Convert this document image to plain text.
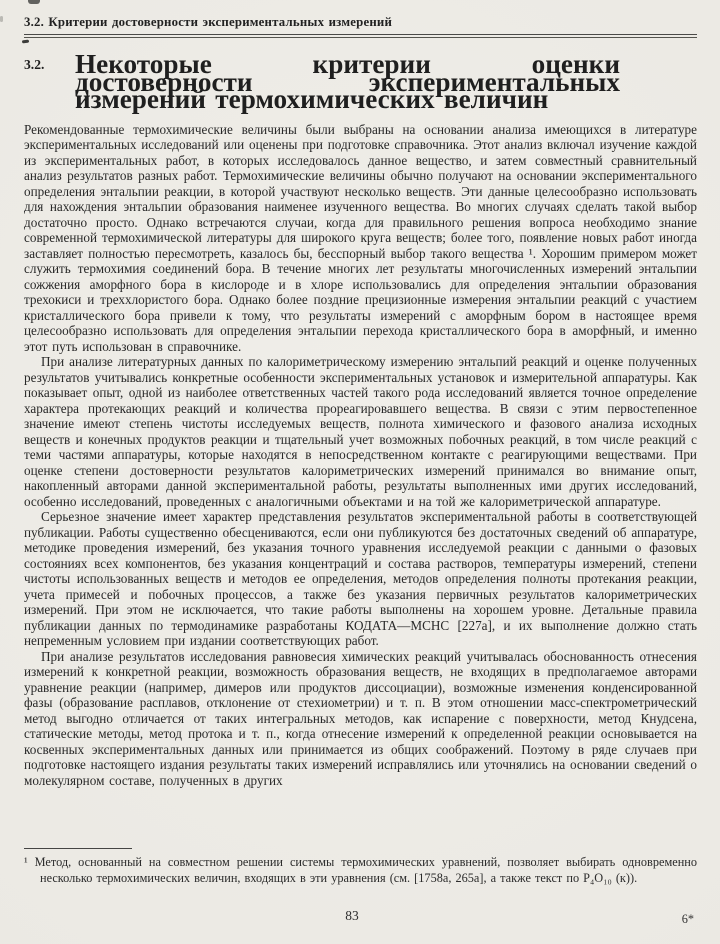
3.2. Критерии достоверности экспериментальных измерений
3.2.	Некоторые критерии оценки достоверности экспериментальных измерений термохимических величин

Рекомендованные термохимические величины были выбраны на основании анализа имеющихся в литературе экспериментальных исследований или оценены при подготовке справочника. Этот анализ включал изучение каждой из экспериментальных работ, в которых исследовалось данное вещество, и затем совместный сравнительный анализ результатов разных работ. Термохимические величины обычно получают на основании экспериментального определения энтальпии реакции, в которой участвуют несколько веществ. Эти данные целесообразно использовать для нахождения энтальпии образования наименее изученного вещества. Во многих случаях сделать такой выбор достаточно просто. Однако встречаются случаи, когда для правильного решения вопроса необходимо знание современной термохимической литературы для широкого круга веществ; более того, появление новых работ иногда заставляет полностью пересмотреть, казалось бы, бесспорный выбор такого вещества ¹. Хорошим примером может служить термохимия соединений бора. В течение многих лет результаты многочисленных измерений энтальпии сожжения аморфного бора в кислороде и в хлоре использовались для определения энтальпии образования трехокиси и треххлористого бора. Однако более поздние прецизионные измерения энтальпии реакций с участием кристаллического бора привели к тому, что результаты измерений с аморфным бором в настоящее время целесообразно использовать для определения энтальпии перехода кристаллического бора в аморфный, и именно этот путь использован в справочнике.

При анализе литературных данных по калориметрическому измерению энтальпий реакций и оценке полученных результатов учитывались конкретные особенности экспериментальных установок и измерительной аппаратуры. Как показывает опыт, одной из наиболее ответственных частей такого рода исследований является точное определение характера протекающих реакций и количества прореагировавшего вещества. В связи с этим первостепенное значение имеют степень чистоты исследуемых веществ, полнота химического и фазового анализа исходных веществ и конечных продуктов реакции и тщательный учет возможных побочных реакций, в том числе реакций с теми частями аппаратуры, которые находятся в непосредственном контакте с реагирующими веществами. При оценке степени достоверности результатов калориметрических измерений принимался во внимание опыт, накопленный авторами данной экспериментальной работы, результаты выполненных ими других исследований, особенно исследований, проведенных с аналогичными объектами и на той же калориметрической аппаратуре.

Серьезное значение имеет характер представления результатов экспериментальной работы в соответствующей публикации. Работы существенно обесцениваются, если они публикуются без достаточных сведений об аппаратуре, методике проведения измерений, без указания точного уравнения исследуемой реакции с данными о фазовых состояниях всех компонентов, без указания концентраций и состава растворов, температуры измерений, степени чистоты использованных веществ и методов ее определения, методов определения полноты протекания реакции, учета примесей и побочных процессов, а также без указания первичных результатов калориметрических измерений. При этом не исключается, что такие работы выполнены на хорошем уровне. Детальные правила публикации данных по термодинамике разработаны КОДАТА—МСНС [227а], и их выполнение должно стать непременным условием при издании соответствующих работ.

При анализе результатов исследования равновесия химических реакций учитывалась обоснованность отнесения измерений к конкретной реакции, возможность образования веществ, не входящих в предполагаемое авторами уравнение реакции (например, димеров или продуктов диссоциации), возможные изменения конденсированной фазы (образование расплавов, отклонение от стехиометрии) и т. п. В этом отношении масс-спектрометрический метод выгодно отличается от таких интегральных методов, как испарение с поверхности, метод Кнудсена, статические методы, метод протока и т. п., когда отнесение измерений к определенной реакции основывается на косвенных экспериментальных данных или принимается из общих соображений. Поэтому в ряде случаев при подготовке настоящего издания результаты таких измерений исправлялись или уточнялись на основании сведений о молекулярном составе, полученных в других

¹ Метод, основанный на совместном решении системы термохимических уравнений, позволяет выбирать одновременно несколько термохимических величин, входящих в эти уравнения (см. [1758а, 265а], а также текст по P₄O₁₀ (к)).

83	6*
